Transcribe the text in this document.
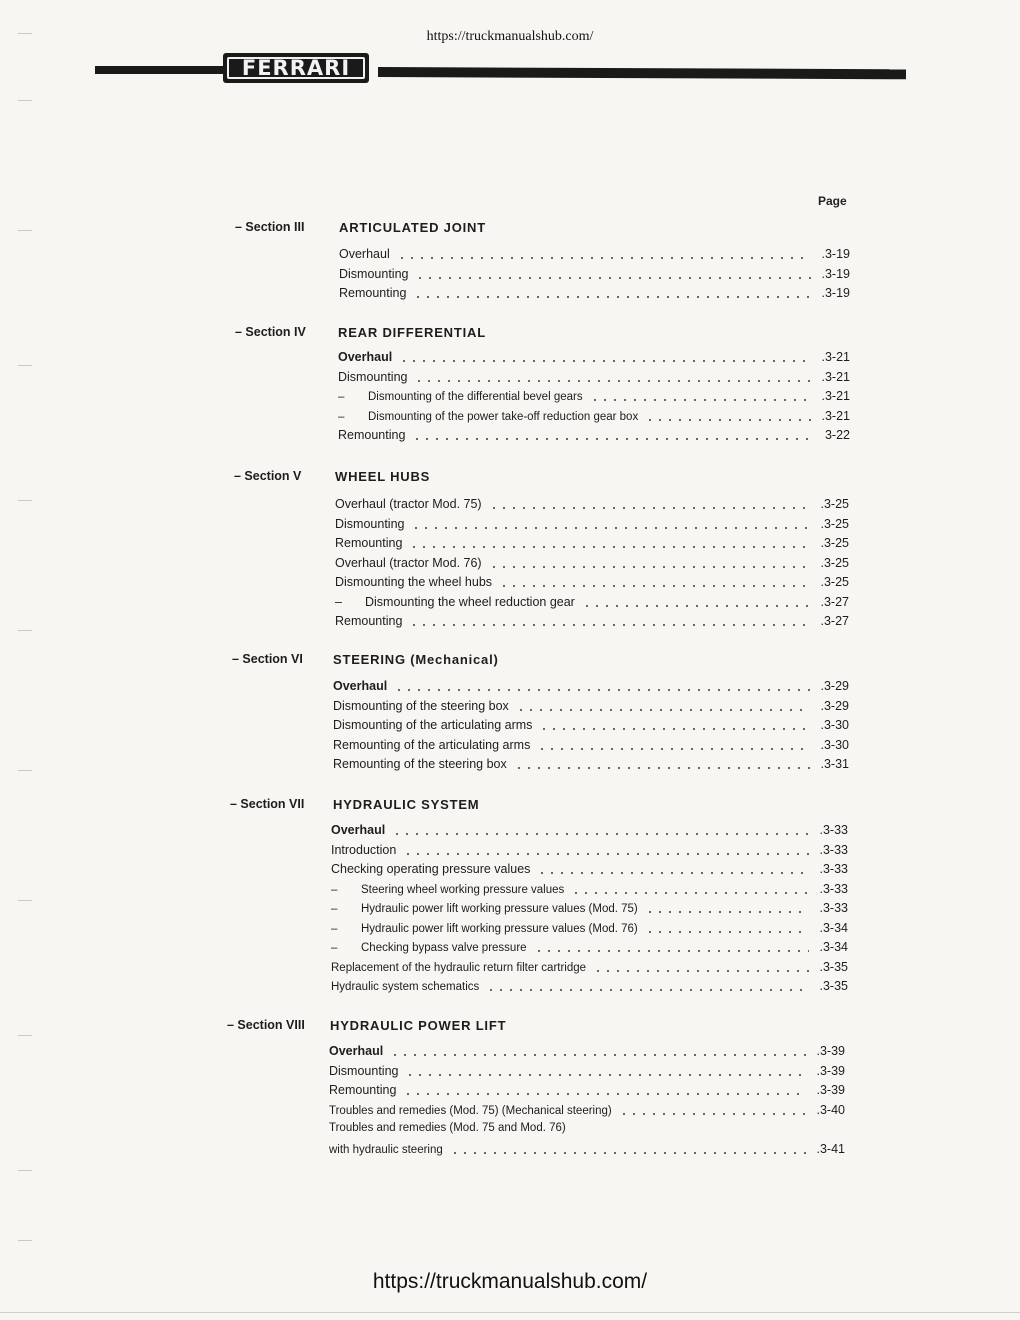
https://truckmanualshub.com/
FERRARI
Page
– Section III	ARTICULATED JOINT
Overhaul	.3-19
Dismounting	.3-19
Remounting	.3-19
– Section IV REAR DIFFERENTIAL
Overhaul	.3-21
Dismounting	.3-21
– Dismounting of the differential bevel gears	.3-21
– Dismounting of the power take-off reduction gear box	.3-21
Remounting	3-22
– Section V	WHEEL HUBS
Overhaul (tractor Mod. 75)	.3-25
Dismounting	.3-25
Remounting	.3-25
Overhaul (tractor Mod. 76)	.3-25
Dismounting the wheel hubs	.3-25
– Dismounting the wheel reduction gear	.3-27
Remounting	.3-27
– Section VI STEERING (Mechanical)
Overhaul	.3-29
Dismounting of the steering box	.3-29
Dismounting of the articulating arms	.3-30
Remounting of the articulating arms	.3-30
Remounting of the steering box	.3-31
– Section VII HYDRAULIC SYSTEM
Overhaul	.3-33
Introduction	.3-33
Checking operating pressure values	.3-33
– Steering wheel working pressure values	.3-33
– Hydraulic power lift working pressure values (Mod. 75)	.3-33
– Hydraulic power lift working pressure values (Mod. 76)	.3-34
– Checking bypass valve pressure	.3-34
Replacement of the hydraulic return filter cartridge	.3-35
Hydraulic system schematics	.3-35
– Section VIII HYDRAULIC POWER LIFT
Overhaul	.3-39
Dismounting	.3-39
Remounting	.3-39
Troubles and remedies (Mod. 75) (Mechanical steering)	.3-40
Troubles and remedies (Mod. 75 and Mod. 76)
with hydraulic steering	.3-41
https://truckmanualshub.com/
